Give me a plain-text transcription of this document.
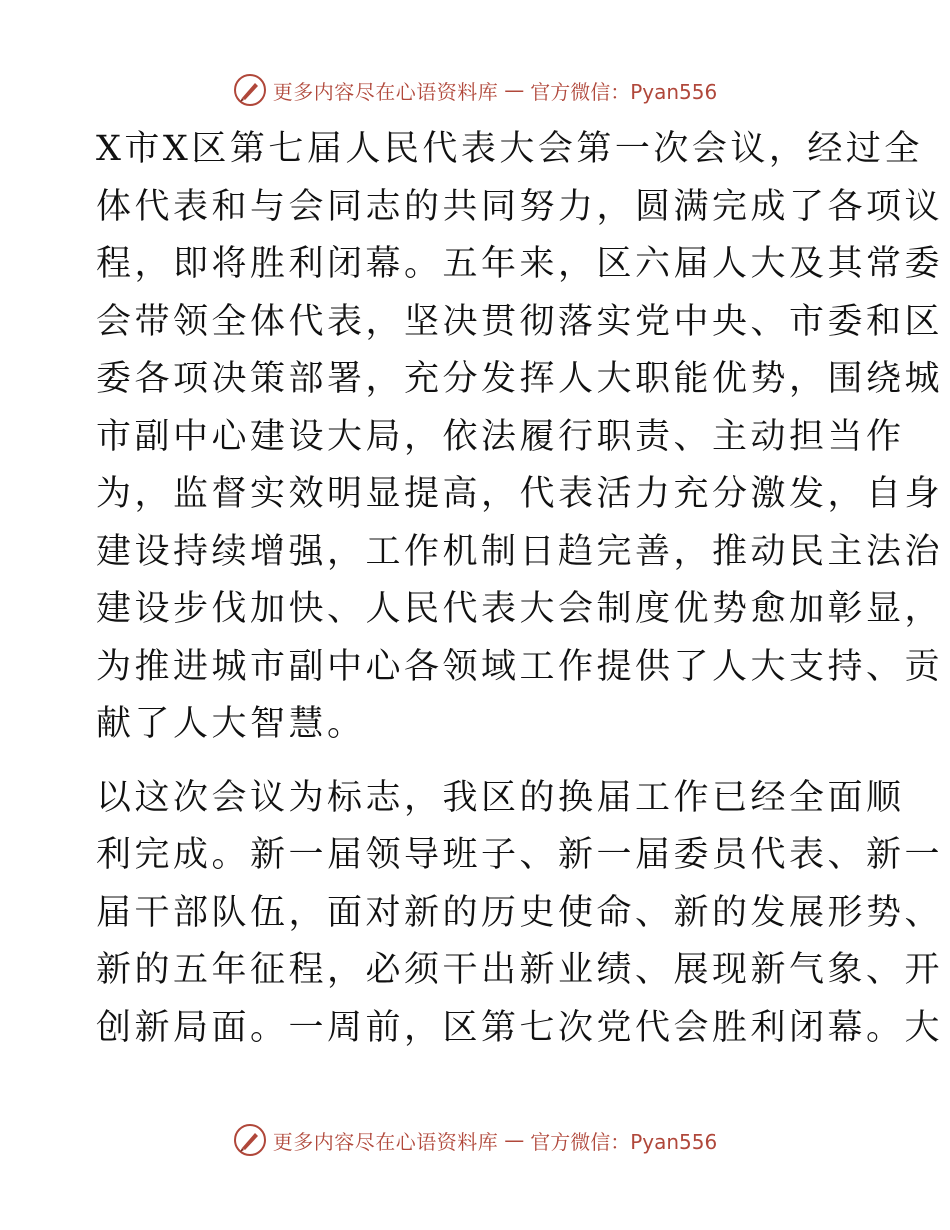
更多内容尽在心语资料库 — 官方微信：Pyan556

X市X区第七届人民代表大会第一次会议，经过全
体代表和与会同志的共同努力，圆满完成了各项议
程，即将胜利闭幕。五年来，区六届人大及其常委
会带领全体代表，坚决贯彻落实党中央、市委和区
委各项决策部署，充分发挥人大职能优势，围绕城
市副中心建设大局，依法履行职责、主动担当作
为，监督实效明显提高，代表活力充分激发，自身
建设持续增强，工作机制日趋完善，推动民主法治
建设步伐加快、人民代表大会制度优势愈加彰显，
为推进城市副中心各领域工作提供了人大支持、贡
献了人大智慧。

以这次会议为标志，我区的换届工作已经全面顺
利完成。新一届领导班子、新一届委员代表、新一
届干部队伍，面对新的历史使命、新的发展形势、
新的五年征程，必须干出新业绩、展现新气象、开
创新局面。一周前，区第七次党代会胜利闭幕。大

更多内容尽在心语资料库 — 官方微信：Pyan556
